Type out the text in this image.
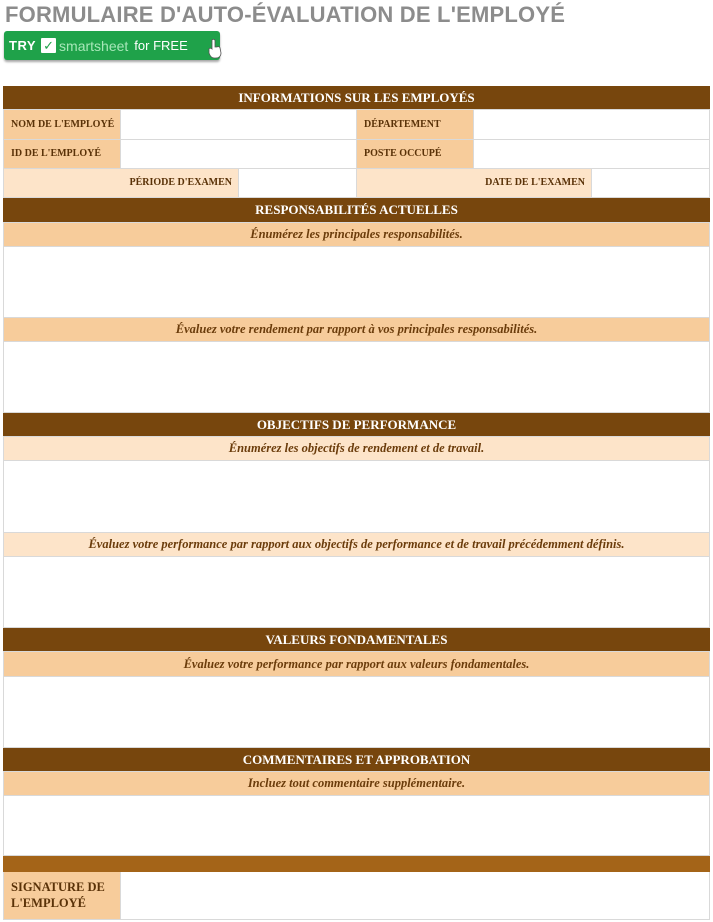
FORMULAIRE D'AUTO-ÉVALUATION DE L'EMPLOYÉ
TRY ✓ smartsheet for FREE
INFORMATIONS SUR LES EMPLOYÉS
NOM DE L'EMPLOYÉ	DÉPARTEMENT
ID DE L'EMPLOYÉ	POSTE OCCUPÉ
PÉRIODE D'EXAMEN	DATE DE L'EXAMEN
RESPONSABILITÉS ACTUELLES
Énumérez les principales responsabilités.
Évaluez votre rendement par rapport à vos principales responsabilités.
OBJECTIFS DE PERFORMANCE
Énumérez les objectifs de rendement et de travail.
Évaluez votre performance par rapport aux objectifs de performance et de travail précédemment définis.
VALEURS FONDAMENTALES
Évaluez votre performance par rapport aux valeurs fondamentales.
COMMENTAIRES ET APPROBATION
Incluez tout commentaire supplémentaire.
SIGNATURE DE L'EMPLOYÉ
